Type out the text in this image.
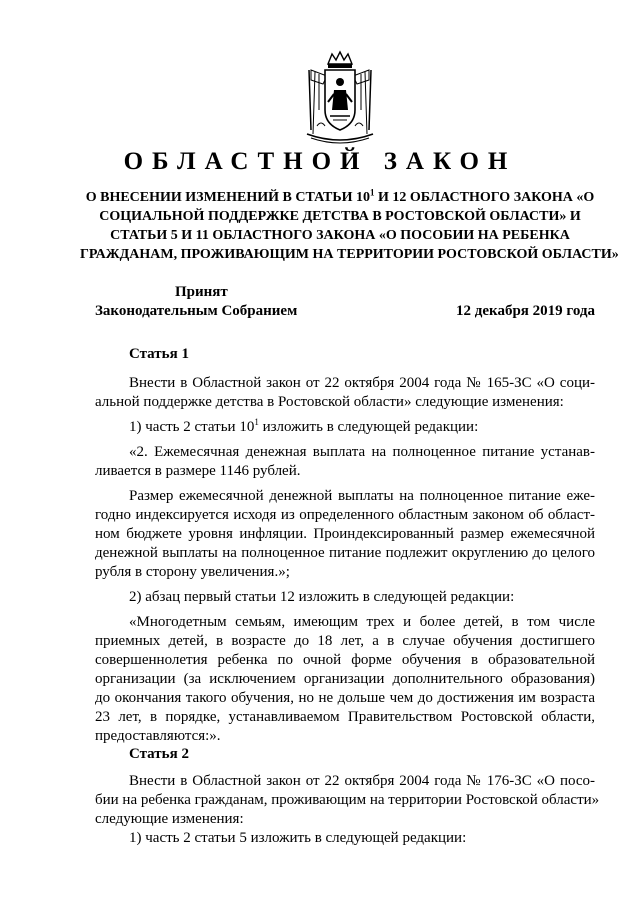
ОБЛАСТНОЙ ЗАКОН
О ВНЕСЕНИИ ИЗМЕНЕНИЙ В СТАТЬИ $10^1$ И 12 ОБЛАСТНОГО ЗАКОНА «О
СОЦИАЛЬНОЙ ПОДДЕРЖКЕ ДЕТСТВА В РОСТОВСКОЙ ОБЛАСТИ» И
СТАТЬИ 5 И 11 ОБЛАСТНОГО ЗАКОНА «О ПОСОБИИ НА РЕБЕНКА
ГРАЖДАНАМ, ПРОЖИВАЮЩИМ НА ТЕРРИТОРИИ РОСТОВСКОЙ ОБЛАСТИ»
Принят
Законодательным Собранием	12 декабря 2019 года
Статья 1
Внести в Областной закон от 22 октября 2004 года № 165-ЗС «О соци-
альной поддержке детства в Ростовской области» следующие изменения:
1) часть 2 статьи $10^1$ изложить в следующей редакции:
«2. Ежемесячная денежная выплата на полноценное питание устанав-
ливается в размере 1146 рублей.
Размер ежемесячной денежной выплаты на полноценное питание еже-
годно индексируется исходя из определенного областным законом об област-
ном бюджете уровня инфляции. Проиндексированный размер ежемесячной
денежной выплаты на полноценное питание подлежит округлению до целого
рубля в сторону увеличения.»;
2) абзац первый статьи 12 изложить в следующей редакции:
«Многодетным семьям, имеющим трех и более детей, в том числе
приемных детей, в возрасте до 18 лет, а в случае обучения достигшего
совершеннолетия ребенка по очной форме обучения в образовательной
организации (за исключением организации дополнительного образования)
до окончания такого обучения, но не дольше чем до достижения им возраста
23 лет, в порядке, устанавливаемом Правительством Ростовской области,
предоставляются:».
Статья 2
Внести в Областной закон от 22 октября 2004 года № 176-ЗС «О посо-
бии на ребенка гражданам, проживающим на территории Ростовской области»
следующие изменения:
1) часть 2 статьи 5 изложить в следующей редакции:
